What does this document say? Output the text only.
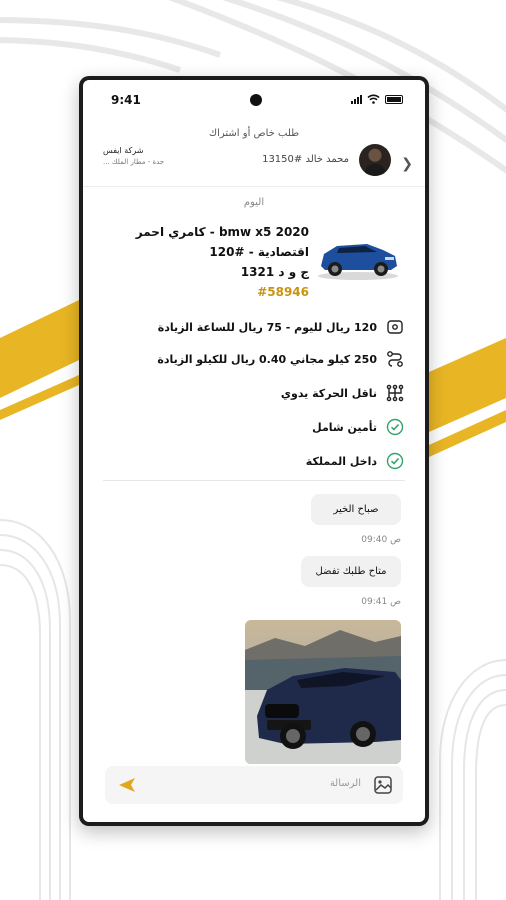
9:41
طلب خاص أو اشتراك
❯
محمد خالد #13150
شركة ايفس
جدة - مطار الملك ...
اليوم
2020 bmw x5 - كامري احمر
اقتصادية - #120
ج و د 1321
#58946
120 ريال لليوم - 75 ريال للساعة الزيادة
250 كيلو مجاني 0.40 ريال للكيلو الزيادة
ناقل الحركة يدوي
تأمين شامل
داخل المملكة
صباح الخير
09:40 ص
متاح طلبك تفضل
09:41 ص
الرسالة
